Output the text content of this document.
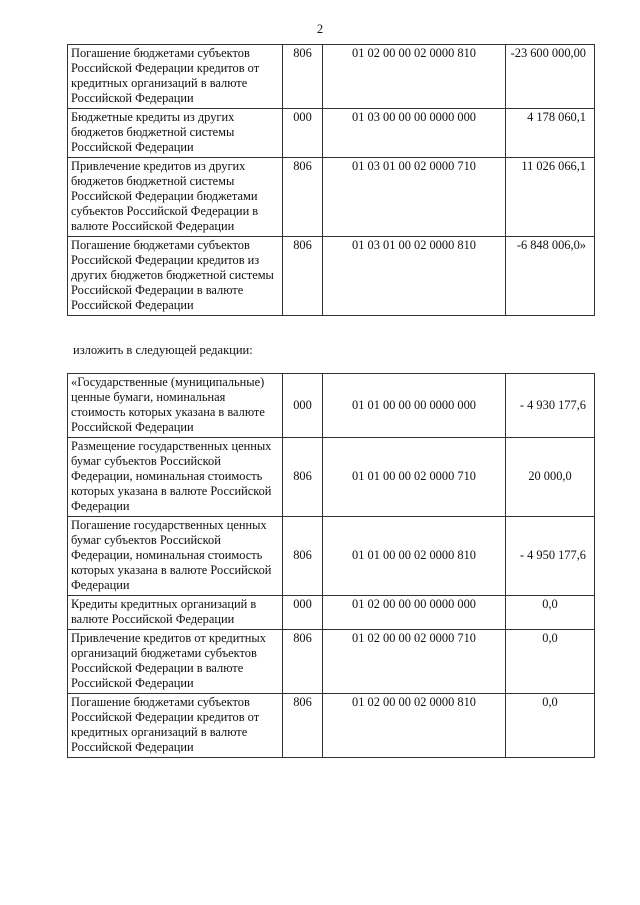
2
Погашение бюджетами субъектов Российской Федерации кредитов от кредитных организаций в валюте Российской Федерации	806	01 02 00 00 02 0000 810	-23 600 000,00
Бюджетные кредиты из других бюджетов бюджетной системы Российской Федерации	000	01 03 00 00 00 0000 000	4 178 060,1
Привлечение кредитов из других бюджетов бюджетной системы Российской Федерации бюджетами субъектов Российской Федерации в валюте Российской Федерации	806	01 03 01 00 02 0000 710	11 026 066,1
Погашение бюджетами субъектов Российской Федерации кредитов из других бюджетов бюджетной системы Российской Федерации в валюте Российской Федерации	806	01 03 01 00 02 0000 810	-6 848 006,0»
изложить в следующей редакции:
«Государственные (муниципальные) ценные бумаги, номинальная стоимость которых указана в валюте Российской Федерации	000	01 01 00 00 00 0000 000	- 4 930 177,6
Размещение государственных ценных бумаг субъектов Российской Федерации, номинальная стоимость которых указана в валюте Российской Федерации	806	01 01 00 00 02 0000 710	20 000,0
Погашение государственных ценных бумаг субъектов Российской Федерации, номинальная стоимость которых указана в валюте Российской Федерации	806	01 01 00 00 02 0000 810	- 4 950 177,6
Кредиты кредитных организаций в валюте Российской Федерации	000	01 02 00 00 00 0000 000	0,0
Привлечение кредитов от кредитных организаций бюджетами субъектов Российской Федерации в валюте Российской Федерации	806	01 02 00 00 02 0000 710	0,0
Погашение бюджетами субъектов Российской Федерации кредитов от кредитных организаций в валюте Российской Федерации	806	01 02 00 00 02 0000 810	0,0
